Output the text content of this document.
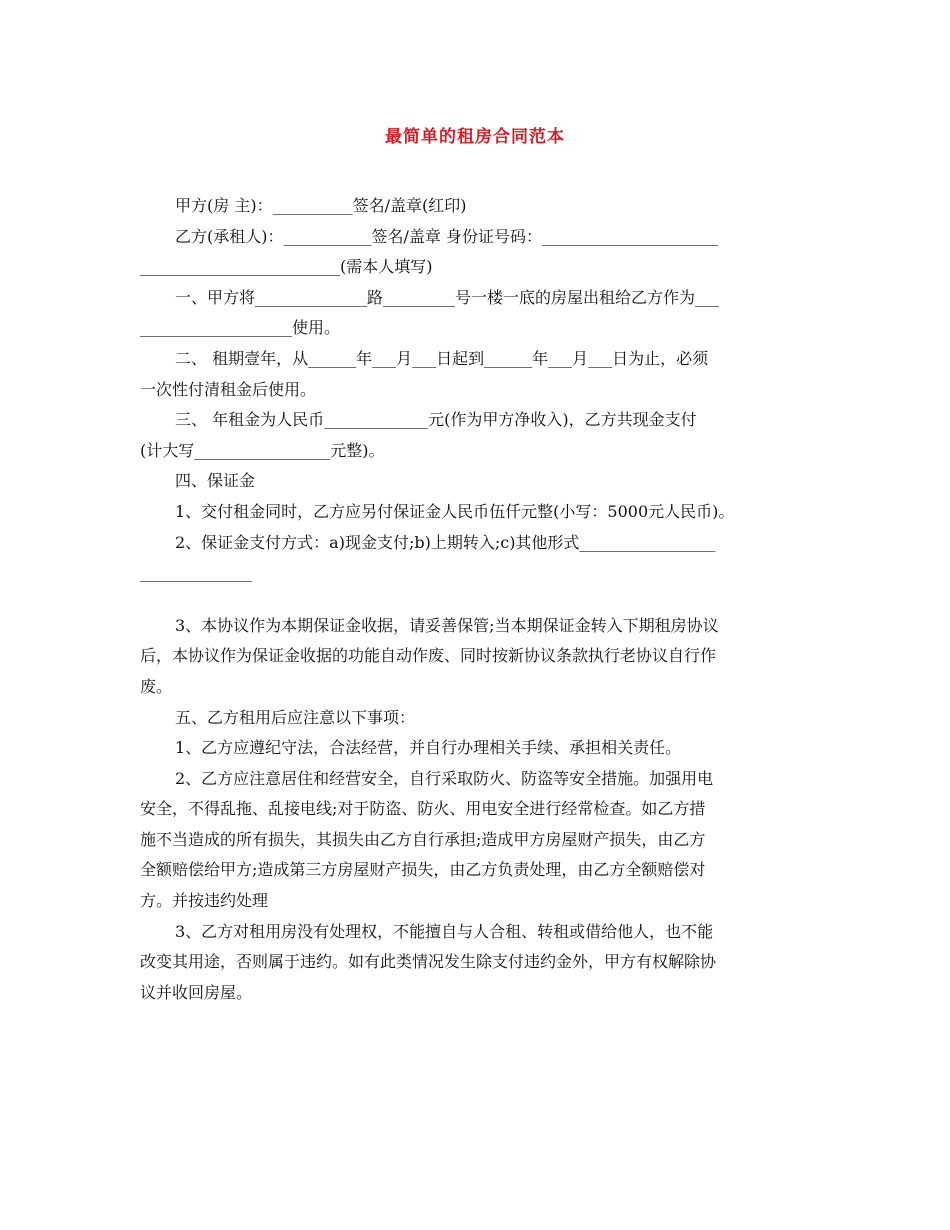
最简单的租房合同范本

甲方(房 主)：__________签名/盖章(红印)

乙方(承租人)：___________签名/盖章 身份证号码：______________________

_________________________(需本人填写)

一、甲方将______________路_________号一楼一底的房屋出租给乙方作为___

___________________使用。

二、 租期壹年，从______年___月___日起到______年___月___日为止，必须

一次性付清租金后使用。

三、 年租金为人民币_____________元(作为甲方净收入)，乙方共现金支付

(计大写_________________元整)。

四、保证金

1、交付租金同时，乙方应另付保证金人民币伍仟元整(小写：5000元人民币)。

2、保证金支付方式：a)现金支付;b)上期转入;c)其他形式_________________

______________

3、本协议作为本期保证金收据，请妥善保管;当本期保证金转入下期租房协议

后，本协议作为保证金收据的功能自动作废、同时按新协议条款执行老协议自行作

废。

五、乙方租用后应注意以下事项：

1、乙方应遵纪守法，合法经营，并自行办理相关手续、承担相关责任。

2、乙方应注意居住和经营安全，自行采取防火、防盗等安全措施。加强用电

安全，不得乱拖、乱接电线;对于防盗、防火、用电安全进行经常检查。如乙方措

施不当造成的所有损失，其损失由乙方自行承担;造成甲方房屋财产损失，由乙方

全额赔偿给甲方;造成第三方房屋财产损失，由乙方负责处理，由乙方全额赔偿对

方。并按违约处理

3、乙方对租用房没有处理权，不能擅自与人合租、转租或借给他人，也不能

改变其用途，否则属于违约。如有此类情况发生除支付违约金外，甲方有权解除协

议并收回房屋。
